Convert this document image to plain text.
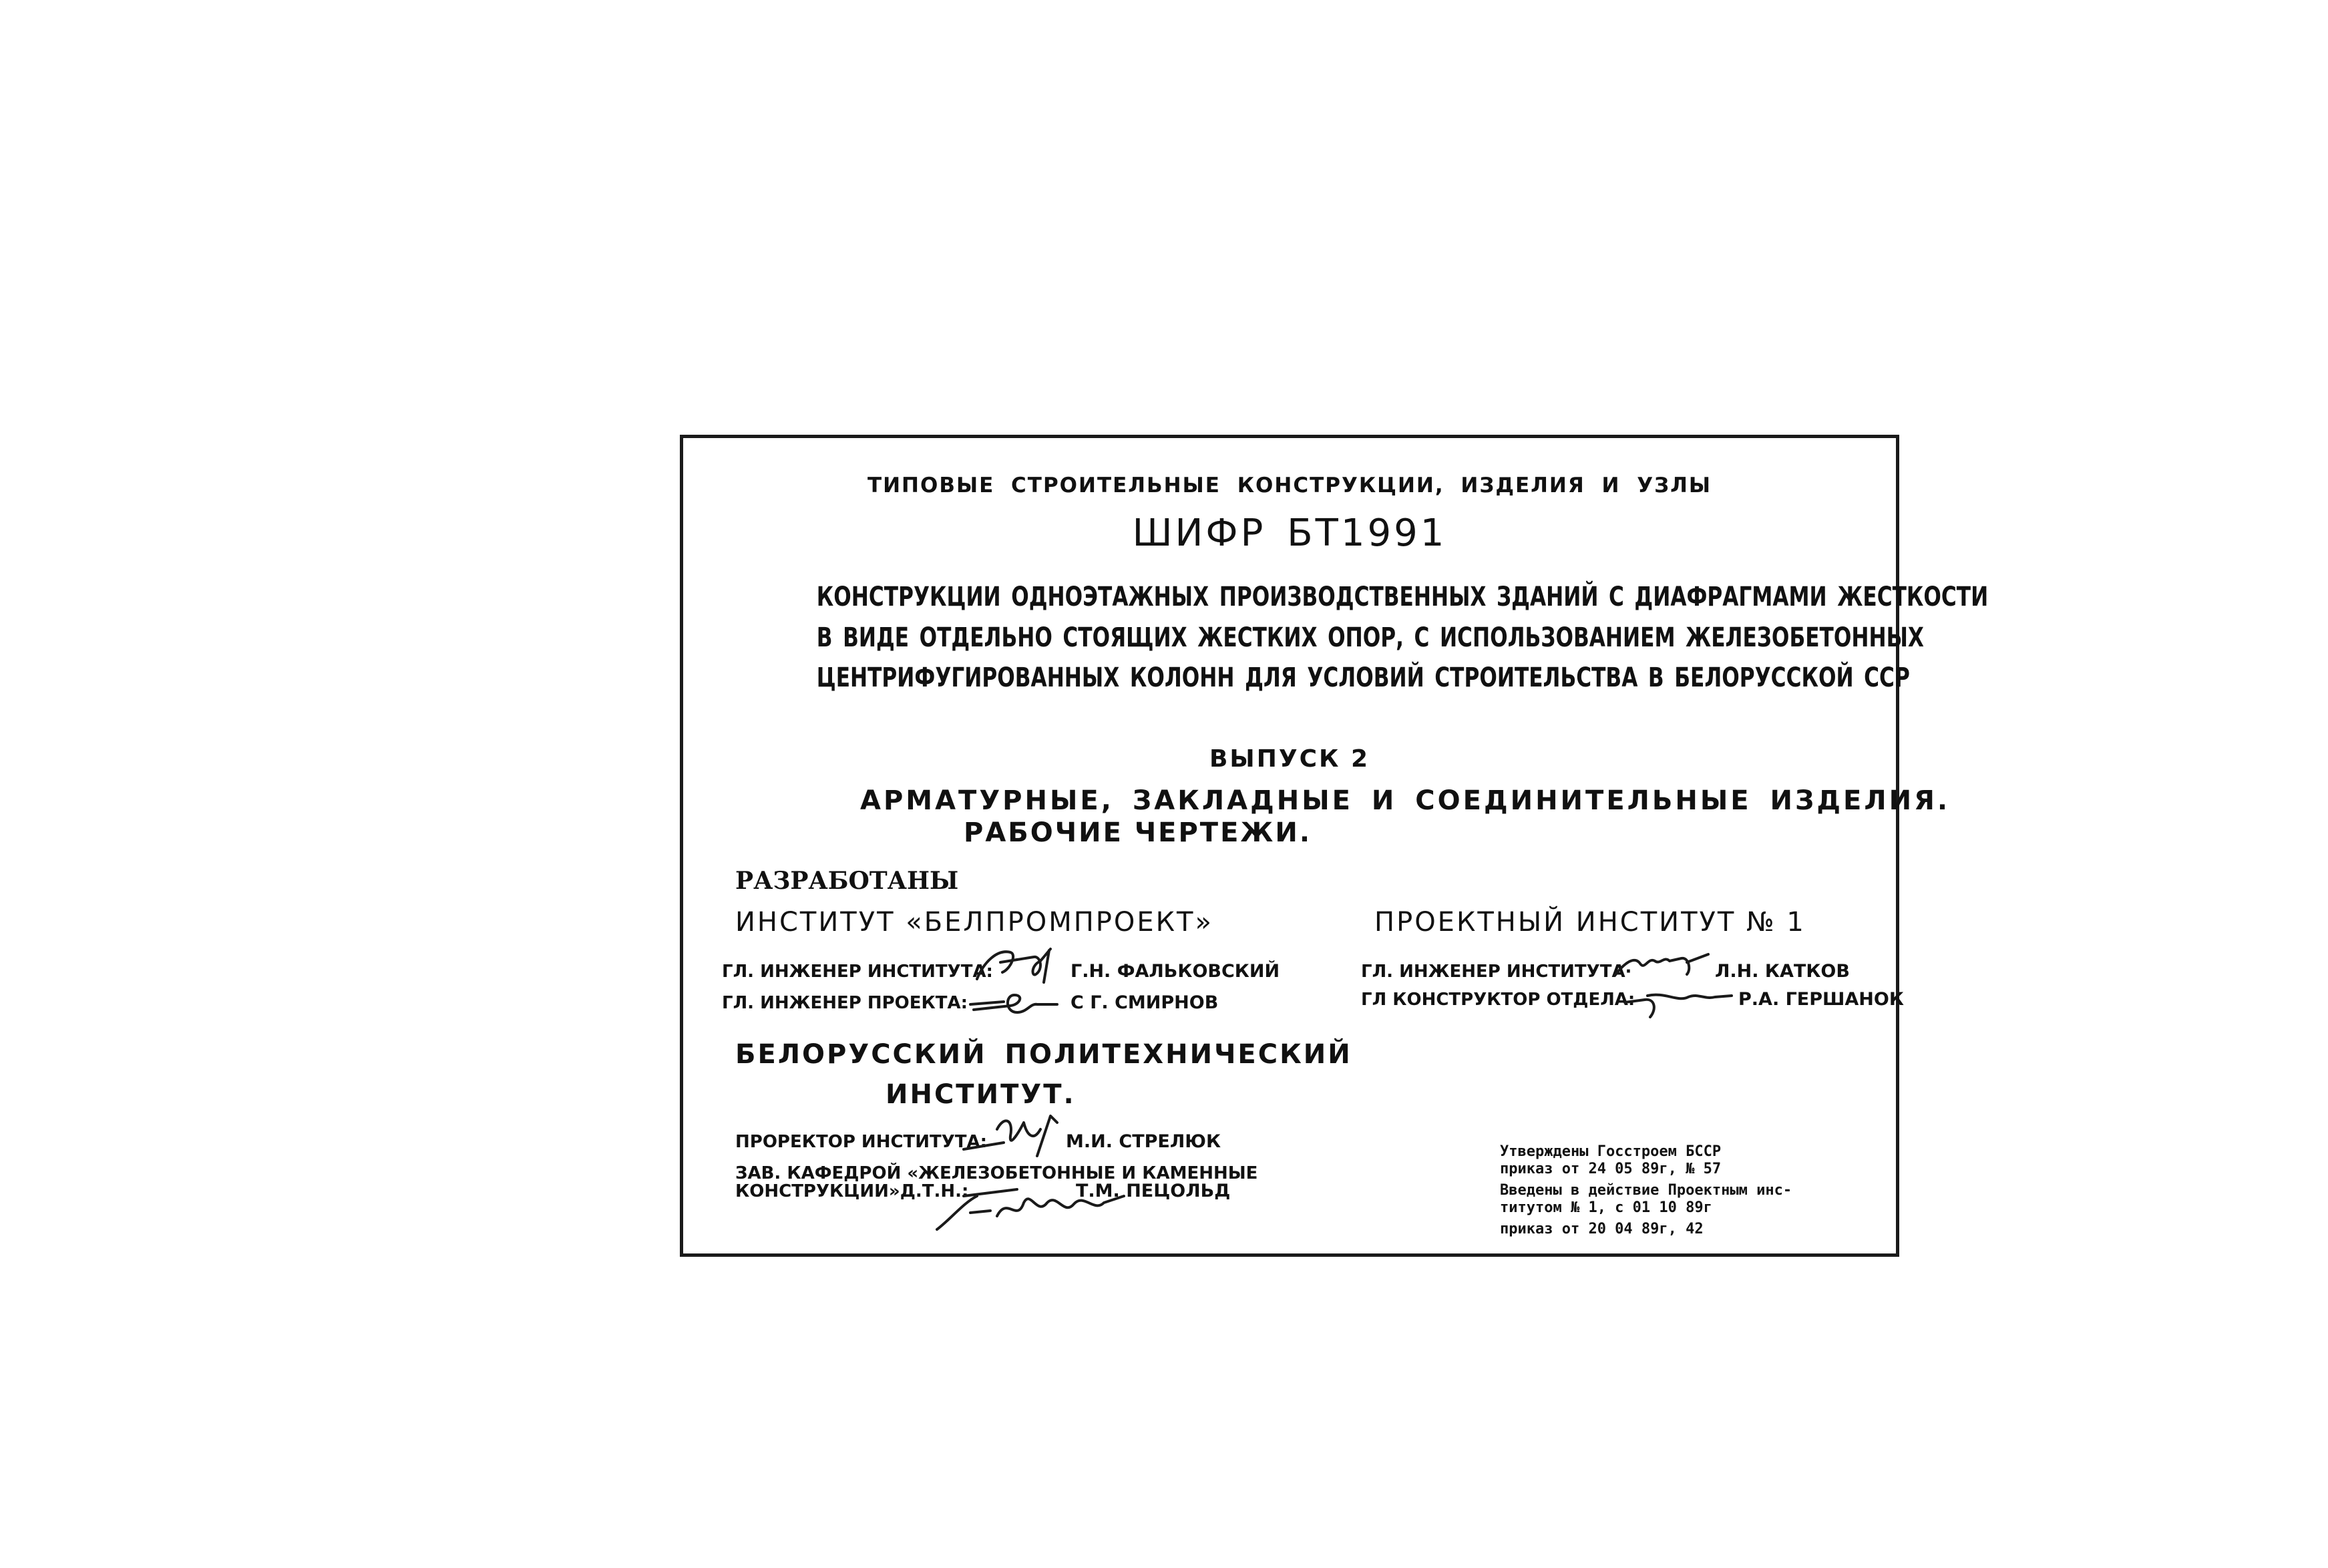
ТИПОВЫЕ СТРОИТЕЛЬНЫЕ КОНСТРУКЦИИ, ИЗДЕЛИЯ И УЗЛЫ
ШИФР БТ1991
КОНСТРУКЦИИ ОДНОЭТАЖНЫХ ПРОИЗВОДСТВЕННЫХ ЗДАНИЙ С ДИАФРАГМАМИ ЖЕСТКОСТИ
В ВИДЕ ОТДЕЛЬНО СТОЯЩИХ ЖЕСТКИХ ОПОР, С ИСПОЛЬЗОВАНИЕМ ЖЕЛЕЗОБЕТОННЫХ
ЦЕНТРИФУГИРОВАННЫХ КОЛОНН ДЛЯ УСЛОВИЙ СТРОИТЕЛЬСТВА В БЕЛОРУССКОЙ ССР
ВЫПУСК 2
АРМАТУРНЫЕ, ЗАКЛАДНЫЕ И СОЕДИНИТЕЛЬНЫЕ ИЗДЕЛИЯ.
РАБОЧИЕ ЧЕРТЕЖИ.
РАЗРАБОТАНЫ
ИНСТИТУТ «БЕЛПРОМПРОЕКТ»
ГЛ. ИНЖЕНЕР ИНСТИТУТА:	Г.Н. ФАЛЬКОВСКИЙ
ГЛ. ИНЖЕНЕР ПРОЕКТА:	С Г. СМИРНОВ
ПРОЕКТНЫЙ ИНСТИТУТ № 1
ГЛ. ИНЖЕНЕР ИНСТИТУТА·	Л.Н. КАТКОВ
ГЛ КОНСТРУКТОР ОТДЕЛА:	Р.А. ГЕРШАНОК
БЕЛОРУССКИЙ ПОЛИТЕХНИЧЕСКИЙ
ИНСТИТУТ.
ПРОРЕКТОР ИНСТИТУТА:	М.И. СТРЕЛЮК
ЗАВ. КАФЕДРОЙ «ЖЕЛЕЗОБЕТОННЫЕ И КАМЕННЫЕ
КОНСТРУКЦИИ»Д.Т.Н.:	Т.М. ПЕЦОЛЬД
Утверждены Госстроем БССР
приказ от 24 05 89г, № 57
Введены в действие Проектным инс-
титутом № 1, с 01 10 89г
приказ от 20 04 89г, 42
